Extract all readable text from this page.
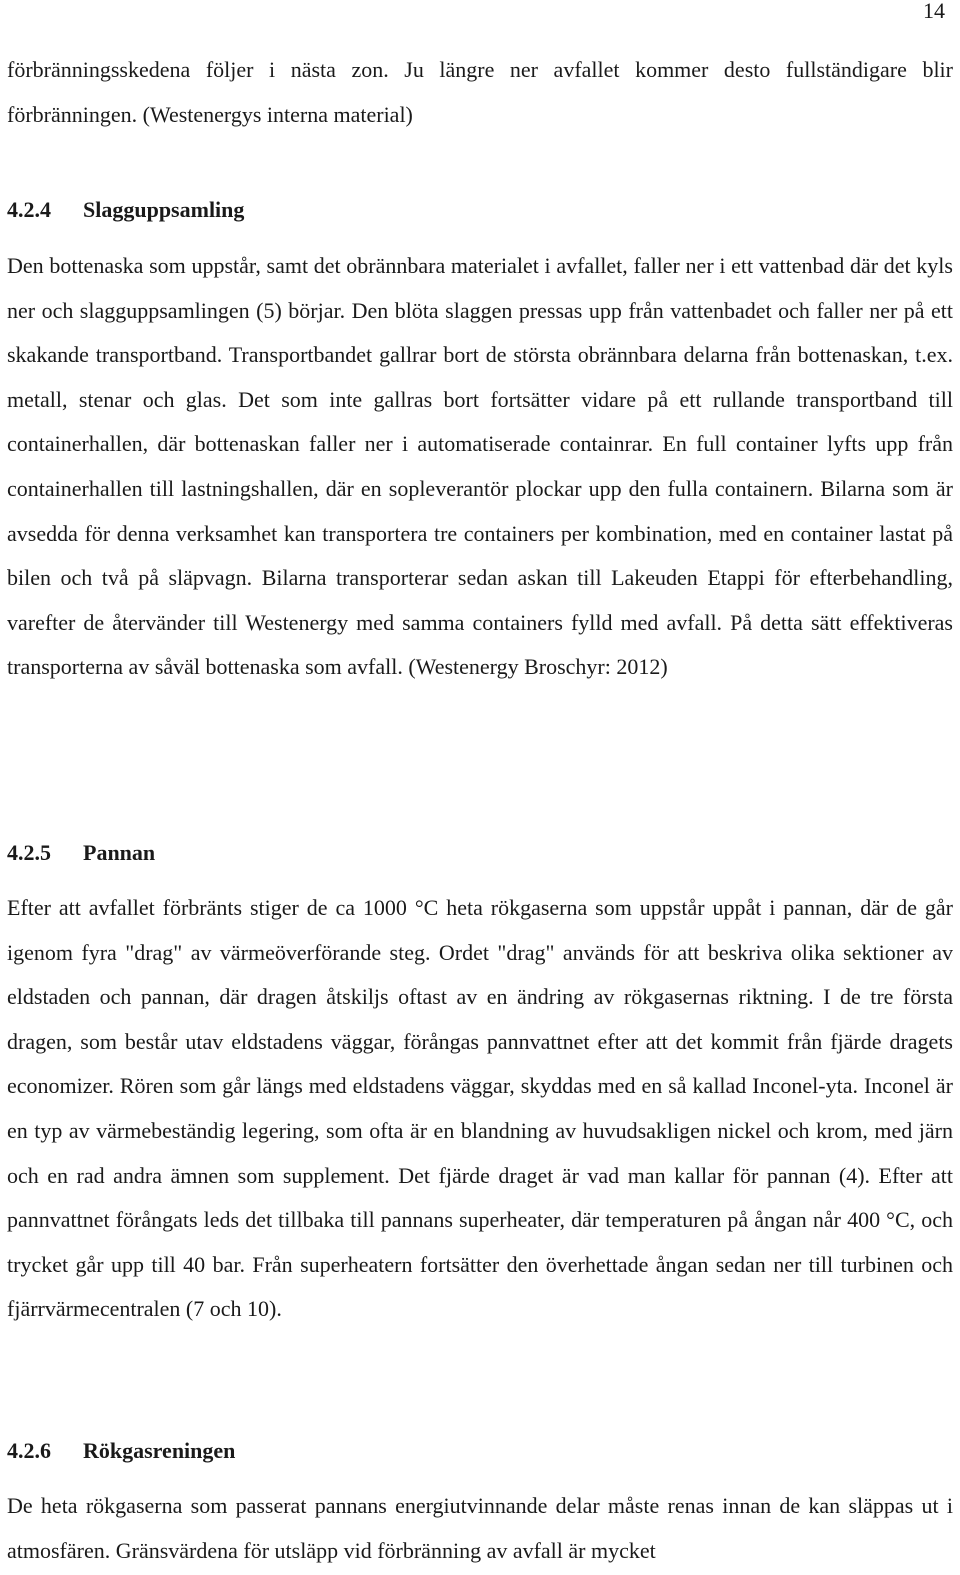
14

förbränningsskedena följer i nästa zon. Ju längre ner avfallet kommer desto fullständigare blir förbränningen. (Westenergys interna material)

4.2.4 Slagguppsamling

Den bottenaska som uppstår, samt det obrännbara materialet i avfallet, faller ner i ett vattenbad där det kyls ner och slagguppsamlingen (5) börjar. Den blöta slaggen pressas upp från vattenbadet och faller ner på ett skakande transportband. Transportbandet gallrar bort de största obrännbara delarna från bottenaskan, t.ex. metall, stenar och glas. Det som inte gallras bort fortsätter vidare på ett rullande transportband till containerhallen, där bottenaskan faller ner i automatiserade containrar. En full container lyfts upp från containerhallen till lastningshallen, där en sopleverantör plockar upp den fulla containern. Bilarna som är avsedda för denna verksamhet kan transportera tre containers per kombination, med en container lastat på bilen och två på släpvagn. Bilarna transporterar sedan askan till Lakeuden Etappi för efterbehandling, varefter de återvänder till Westenergy med samma containers fylld med avfall. På detta sätt effektiveras transporterna av såväl bottenaska som avfall. (Westenergy Broschyr: 2012)

4.2.5 Pannan

Efter att avfallet förbränts stiger de ca 1000 °C heta rökgaserna som uppstår uppåt i pannan, där de går igenom fyra "drag" av värmeöverförande steg. Ordet "drag" används för att beskriva olika sektioner av eldstaden och pannan, där dragen åtskiljs oftast av en ändring av rökgasernas riktning. I de tre första dragen, som består utav eldstadens väggar, förångas pannvattnet efter att det kommit från fjärde dragets economizer. Rören som går längs med eldstadens väggar, skyddas med en så kallad Inconel-yta. Inconel är en typ av värmebeständig legering, som ofta är en blandning av huvudsakligen nickel och krom, med järn och en rad andra ämnen som supplement. Det fjärde draget är vad man kallar för pannan (4). Efter att pannvattnet förångats leds det tillbaka till pannans superheater, där temperaturen på ångan når 400 °C, och trycket går upp till 40 bar. Från superheatern fortsätter den överhettade ångan sedan ner till turbinen och fjärrvärmecentralen (7 och 10).

4.2.6 Rökgasreningen

De heta rökgaserna som passerat pannans energiutvinnande delar måste renas innan de kan släppas ut i atmosfären. Gränsvärdena för utsläpp vid förbränning av avfall är mycket
